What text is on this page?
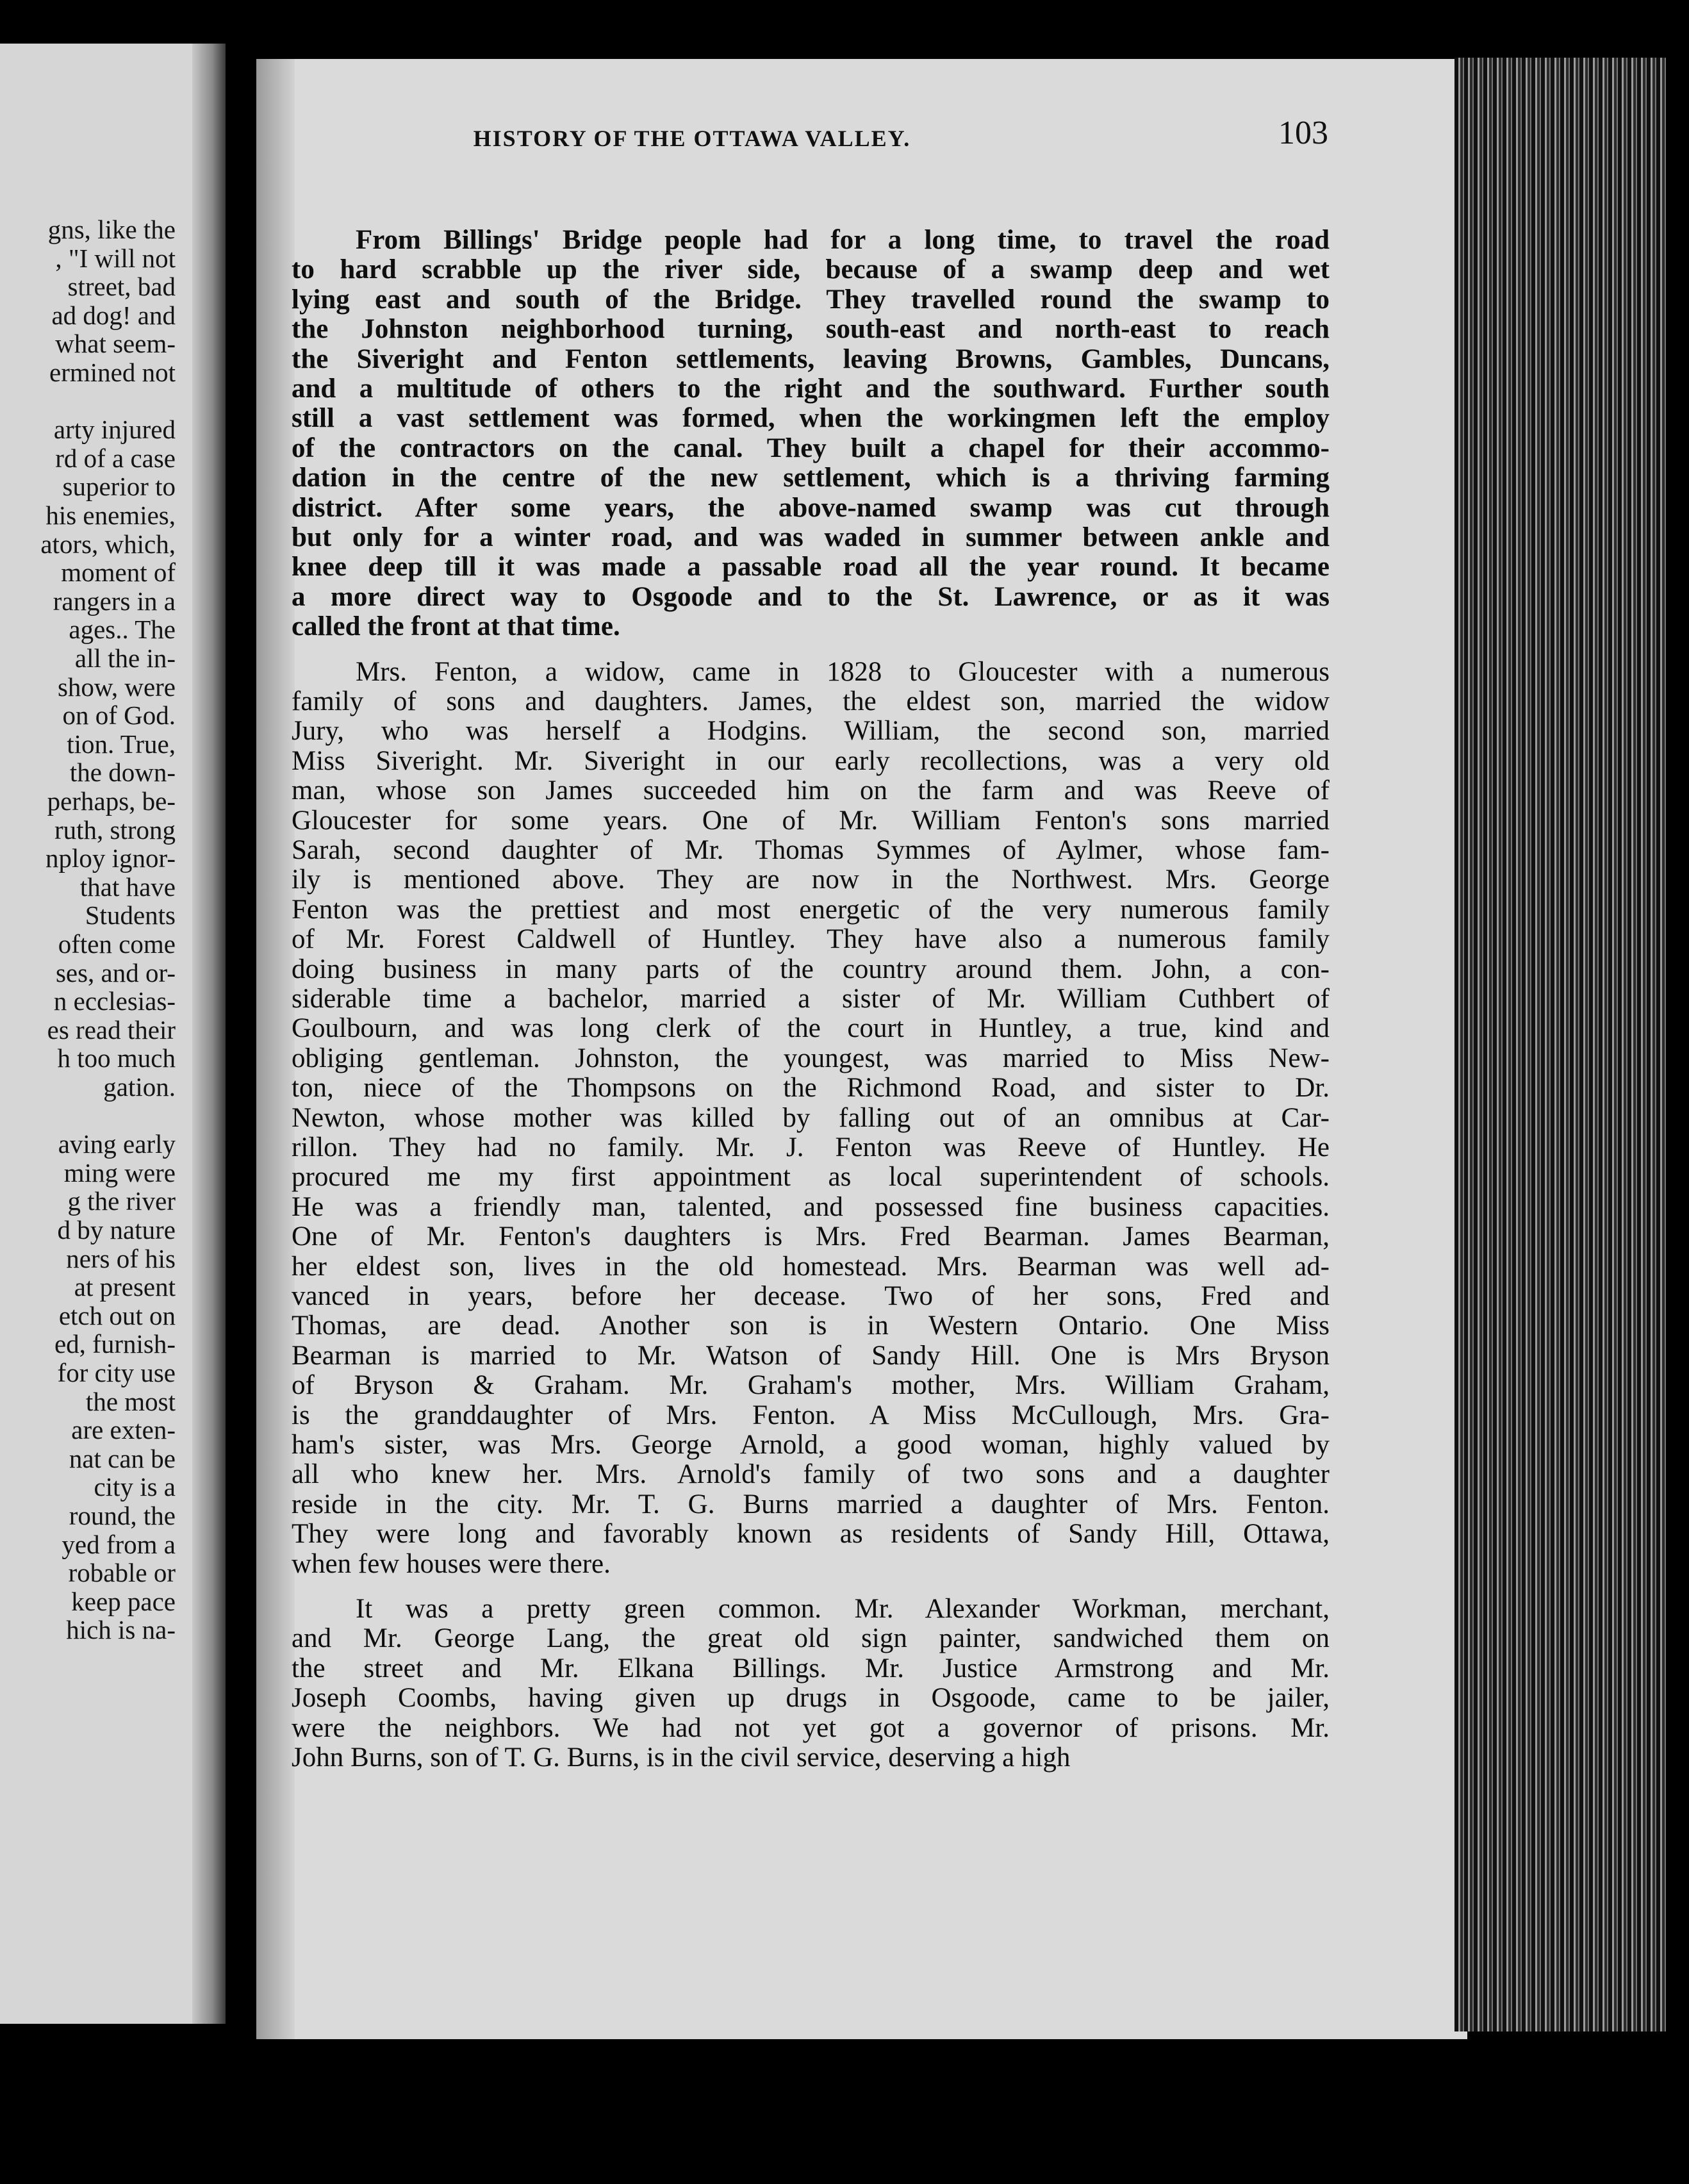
gns, like the
, "I will not
street, bad
ad dog! and
what seem-
ermined not
arty injured
rd of a case
superior to
his enemies,
ators, which,
moment of
rangers in a
ages.. The
all the in-
show, were
on of God.
tion. True,
the down-
perhaps, be-
ruth, strong
nploy ignor-
that have
Students
often come
ses, and or-
n ecclesias-
es read their
h too much
gation.
aving early
ming were
g the river
d by nature
ners of his
at present
etch out on
ed, furnish-
for city use
the most
are exten-
nat can be
city is a
round, the
yed from a
robable or
keep pace
hich is na-
HISTORY OF THE OTTAWA VALLEY.	103
From Billings' Bridge people had for a long time, to travel the road
to hard scrabble up the river side, because of a swamp deep and wet
lying east and south of the Bridge. They travelled round the swamp to
the Johnston neighborhood turning, south-east and north-east to reach
the Siveright and Fenton settlements, leaving Browns, Gambles, Duncans,
and a multitude of others to the right and the southward. Further south
still a vast settlement was formed, when the workingmen left the employ
of the contractors on the canal. They built a chapel for their accommo-
dation in the centre of the new settlement, which is a thriving farming
district. After some years, the above-named swamp was cut through
but only for a winter road, and was waded in summer between ankle and
knee deep till it was made a passable road all the year round. It became
a more direct way to Osgoode and to the St. Lawrence, or as it was
called the front at that time.
Mrs. Fenton, a widow, came in 1828 to Gloucester with a numerous
family of sons and daughters. James, the eldest son, married the widow
Jury, who was herself a Hodgins. William, the second son, married
Miss Siveright. Mr. Siveright in our early recollections, was a very old
man, whose son James succeeded him on the farm and was Reeve of
Gloucester for some years. One of Mr. William Fenton's sons married
Sarah, second daughter of Mr. Thomas Symmes of Aylmer, whose fam-
ily is mentioned above. They are now in the Northwest. Mrs. George
Fenton was the prettiest and most energetic of the very numerous family
of Mr. Forest Caldwell of Huntley. They have also a numerous family
doing business in many parts of the country around them. John, a con-
siderable time a bachelor, married a sister of Mr. William Cuthbert of
Goulbourn, and was long clerk of the court in Huntley, a true, kind and
obliging gentleman. Johnston, the youngest, was married to Miss New-
ton, niece of the Thompsons on the Richmond Road, and sister to Dr.
Newton, whose mother was killed by falling out of an omnibus at Car-
rillon. They had no family. Mr. J. Fenton was Reeve of Huntley. He
procured me my first appointment as local superintendent of schools.
He was a friendly man, talented, and possessed fine business capacities.
One of Mr. Fenton's daughters is Mrs. Fred Bearman. James Bearman,
her eldest son, lives in the old homestead. Mrs. Bearman was well ad-
vanced in years, before her decease. Two of her sons, Fred and
Thomas, are dead. Another son is in Western Ontario. One Miss
Bearman is married to Mr. Watson of Sandy Hill. One is Mrs Bryson
of Bryson & Graham. Mr. Graham's mother, Mrs. William Graham,
is the granddaughter of Mrs. Fenton. A Miss McCullough, Mrs. Gra-
ham's sister, was Mrs. George Arnold, a good woman, highly valued by
all who knew her. Mrs. Arnold's family of two sons and a daughter
reside in the city. Mr. T. G. Burns married a daughter of Mrs. Fenton.
They were long and favorably known as residents of Sandy Hill, Ottawa,
when few houses were there.
It was a pretty green common. Mr. Alexander Workman, merchant,
and Mr. George Lang, the great old sign painter, sandwiched them on
the street and Mr. Elkana Billings. Mr. Justice Armstrong and Mr.
Joseph Coombs, having given up drugs in Osgoode, came to be jailer,
were the neighbors. We had not yet got a governor of prisons. Mr.
John Burns, son of T. G. Burns, is in the civil service, deserving a high
